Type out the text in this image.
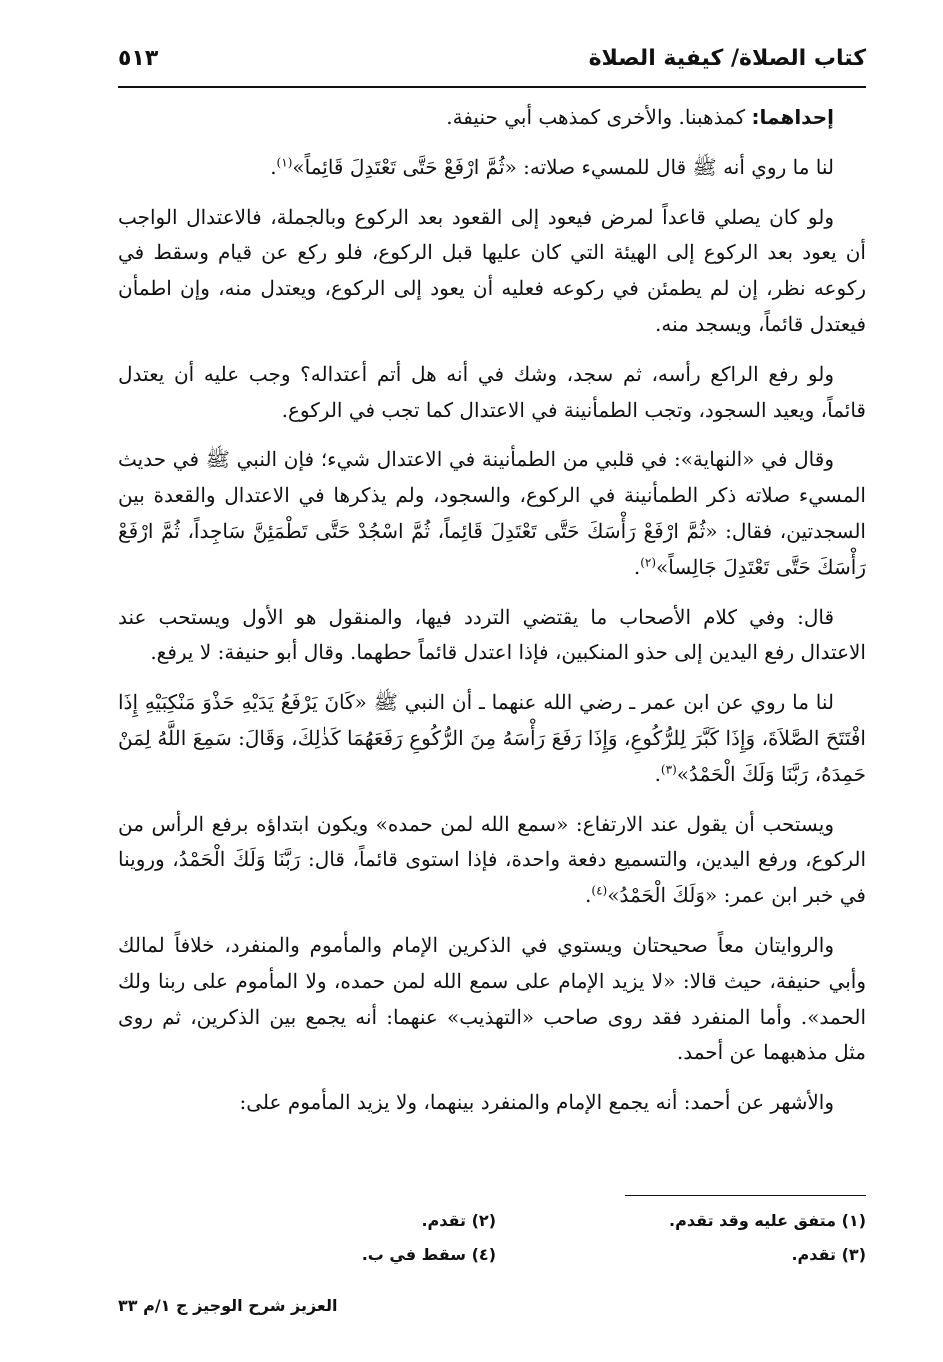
كتاب الصلاة/ كيفية الصلاة
٥١٣

إحداهما: كمذهبنا. والأخرى كمذهب أبي حنيفة.

لنا ما روي أنه ﷺ قال للمسيء صلاته: «ثُمَّ ارْفَعْ حَتَّى تَعْتَدِلَ قَائِماً»$^{(١)}$.

ولو كان يصلي قاعداً لمرض فيعود إلى القعود بعد الركوع وبالجملة، فالاعتدال الواجب أن يعود بعد الركوع إلى الهيئة التي كان عليها قبل الركوع، فلو ركع عن قيام وسقط في ركوعه نظر، إن لم يطمئن في ركوعه فعليه أن يعود إلى الركوع، ويعتدل منه، وإن اطمأن فيعتدل قائماً، ويسجد منه.

ولو رفع الراكع رأسه، ثم سجد، وشك في أنه هل أتم أعتداله؟ وجب عليه أن يعتدل قائماً، ويعيد السجود، وتجب الطمأنينة في الاعتدال كما تجب في الركوع.

وقال في «النهاية»: في قلبي من الطمأنينة في الاعتدال شيء؛ فإن النبي ﷺ في حديث المسيء صلاته ذكر الطمأنينة في الركوع، والسجود، ولم يذكرها في الاعتدال والقعدة بين السجدتين، فقال: «ثُمَّ ارْفَعْ رَأْسَكَ حَتَّى تَعْتَدِلَ قَائِماً، ثُمَّ اسْجُدْ حَتَّى تَطْمَئِنَّ سَاجِداً، ثُمَّ ارْفَعْ رَأْسَكَ حَتَّى تَعْتَدِلَ جَالِساً»$^{(٢)}$.

قال: وفي كلام الأصحاب ما يقتضي التردد فيها، والمنقول هو الأول ويستحب عند الاعتدال رفع اليدين إلى حذو المنكبين، فإذا اعتدل قائماً حطهما. وقال أبو حنيفة: لا يرفع.

لنا ما روي عن ابن عمر ـ رضي الله عنهما ـ أن النبي ﷺ «كَانَ يَرْفَعُ يَدَيْهِ حَذْوَ مَنْكِبَيْهِ إِذَا افْتَتَحَ الصَّلاَةَ، وَإِذَا كَبَّرَ لِلرُّكُوعِ، وَإِذَا رَفَعَ رَأْسَهُ مِنَ الرُّكُوعِ رَفَعَهُمَا كَذٰلِكَ، وَقَالَ: سَمِعَ اللَّهُ لِمَنْ حَمِدَهُ، رَبَّنَا وَلَكَ الْحَمْدُ»$^{(٣)}$.

ويستحب أن يقول عند الارتفاع: «سمع الله لمن حمده» ويكون ابتداؤه برفع الرأس من الركوع، ورفع اليدين، والتسميع دفعة واحدة، فإذا استوى قائماً، قال: رَبَّنَا وَلَكَ الْحَمْدُ، وروينا في خبر ابن عمر: «وَلَكَ الْحَمْدُ»$^{(٤)}$.

والروايتان معاً صحيحتان ويستوي في الذكرين الإمام والمأموم والمنفرد، خلافاً لمالك وأبي حنيفة، حيث قالا: «لا يزيد الإمام على سمع الله لمن حمده، ولا المأموم على ربنا ولك الحمد». وأما المنفرد فقد روى صاحب «التهذيب» عنهما: أنه يجمع بين الذكرين، ثم روى مثل مذهبهما عن أحمد.

والأشهر عن أحمد: أنه يجمع الإمام والمنفرد بينهما، ولا يزيد المأموم على:

(١) متفق عليه وقد تقدم.
(٢) تقدم.
(٣) تقدم.
(٤) سقط في ب.
العزيز شرح الوجيز ج ١/م ٣٣
